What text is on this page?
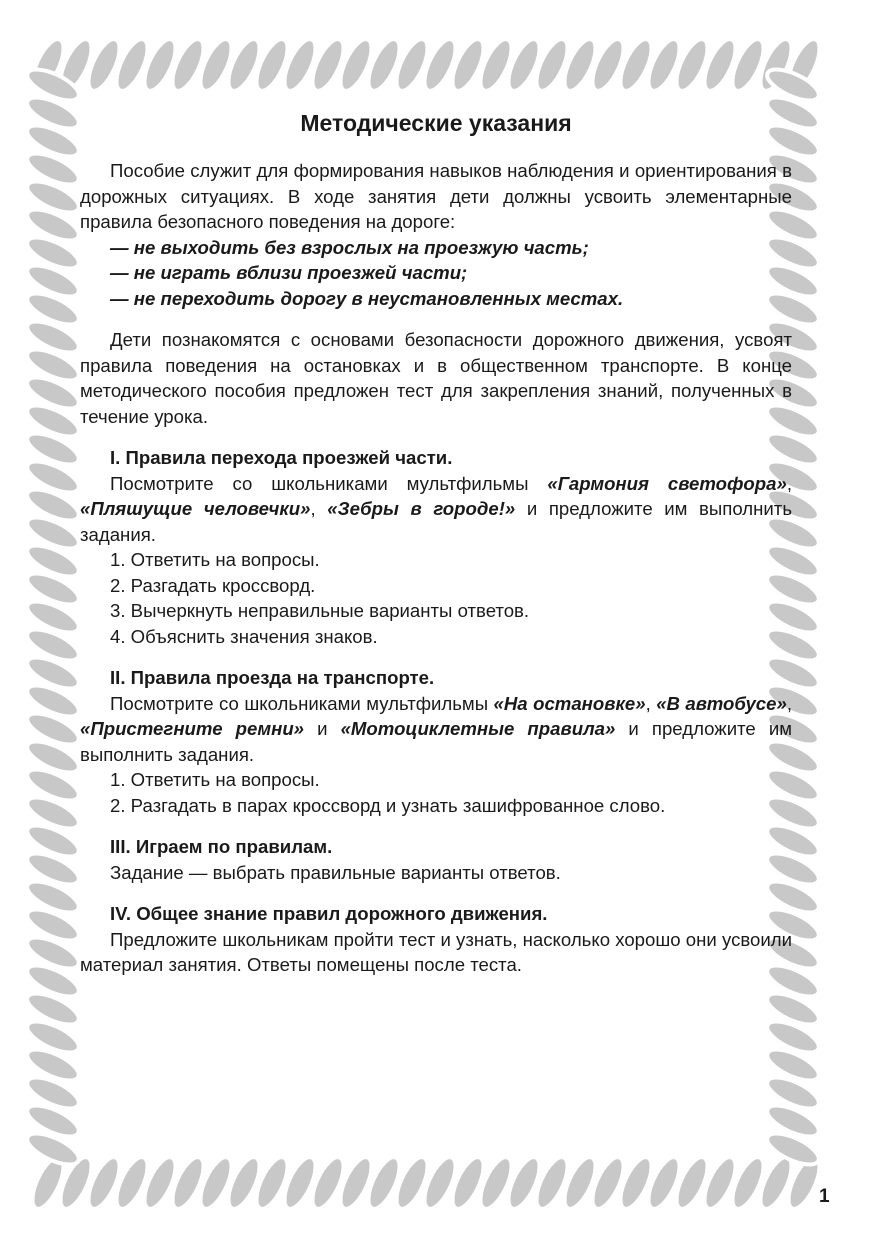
Методические указания

Пособие служит для формирования навыков наблюдения и ориентирования в дорожных ситуациях. В ходе занятия дети должны усвоить элементарные правила безопасного поведения на дороге:

— не выходить без взрослых на проезжую часть;
— не играть вблизи проезжей части;
— не переходить дорогу в неустановленных местах.

Дети познакомятся с основами безопасности дорожного движения, усвоят правила поведения на остановках и в общественном транспорте. В конце методического пособия предложен тест для закрепления знаний, полученных в течение урока.

I. Правила перехода проезжей части.

Посмотрите со школьниками мультфильмы «Гармония светофора», «Пляшущие человечки», «Зебры в городе!» и предложите им выполнить задания.

1. Ответить на вопросы.
2. Разгадать кроссворд.
3. Вычеркнуть неправильные варианты ответов.
4. Объяснить значения знаков.
II. Правила проезда на транспорте.

Посмотрите со школьниками мультфильмы «На остановке», «В автобусе», «Пристегните ремни» и «Мотоциклетные правила» и предложите им выполнить задания.

1. Ответить на вопросы.
2. Разгадать в парах кроссворд и узнать зашифрованное слово.
III. Играем по правилам.

Задание — выбрать правильные варианты ответов.

IV. Общее знание правил дорожного движения.

Предложите школьникам пройти тест и узнать, насколько хорошо они усвоили материал занятия. Ответы помещены после теста.

1
